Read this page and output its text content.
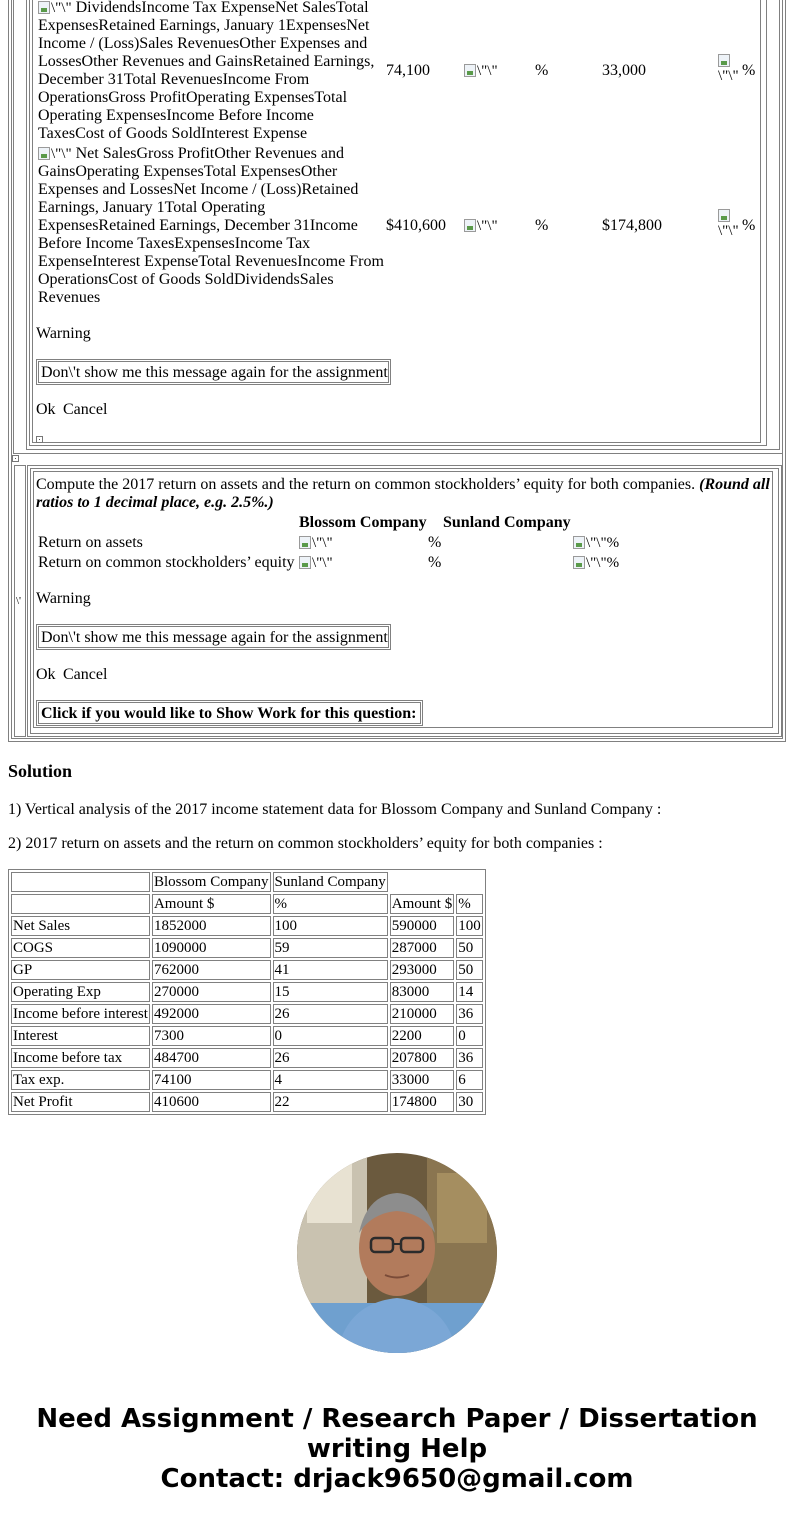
\"\" DividendsIncome Tax ExpenseNet SalesTotal ExpensesRetained Earnings, January 1ExpensesNet Income / (Loss)Sales RevenuesOther Expenses and LossesOther Revenues and GainsRetained Earnings, December 31Total RevenuesIncome From OperationsGross ProfitOperating ExpensesTotal Operating ExpensesIncome Before Income TaxesCost of Goods SoldInterest Expense
74,100	\"\" %	33,000	\"\" %
\"\" Net SalesGross ProfitOther Revenues and GainsOperating ExpensesTotal ExpensesOther Expenses and LossesNet Income / (Loss)Retained Earnings, January 1Total Operating ExpensesRetained Earnings, December 31Income Before Income TaxesExpensesIncome Tax ExpenseInterest ExpenseTotal RevenuesIncome From OperationsCost of Goods SoldDividendsSales Revenues
$410,600	\"\" %	$174,800	\"\" %
Warning
Don\'t show me this message again for the assignment
Ok Cancel
\'
Compute the 2017 return on assets and the return on common stockholders’ equity for both companies. (Round all ratios to 1 decimal place, e.g. 2.5%.)
Blossom Company Sunland Company
Return on assets	\"\"	%	\"\"%
Return on common stockholders’ equity	\"\"	%	\"\"%
Warning
Don\'t show me this message again for the assignment
Ok Cancel
Click if you would like to Show Work for this question:
Solution
1) Vertical analysis of the 2017 income statement data for Blossom Company and Sunland Company :
2) 2017 return on assets and the return on common stockholders’ equity for both companies :
	Blossom Company	Sunland Company		
	Amount $	%	Amount $	%
Net Sales	1852000	100	590000	100
COGS	1090000	59	287000	50
GP	762000	41	293000	50
Operating Exp	270000	15	83000	14
Income before interest	492000	26	210000	36
Interest	7300	0	2200	0
Income before tax	484700	26	207800	36
Tax exp.	74100	4	33000	6
Net Profit	410600	22	174800	30
Need Assignment / Research Paper / Dissertation
writing Help
Contact: drjack9650@gmail.com
